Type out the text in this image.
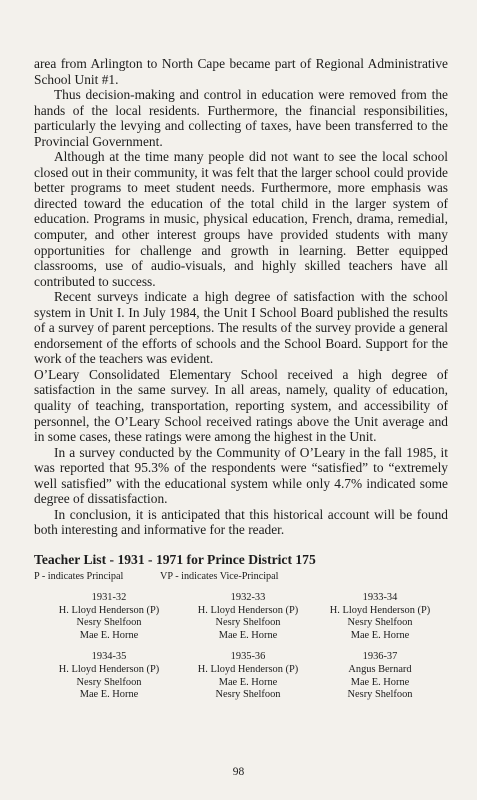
area from Arlington to North Cape became part of Regional Administrative School Unit #1.

Thus decision-making and control in education were removed from the hands of the local residents. Furthermore, the financial responsibilities, particularly the levying and collecting of taxes, have been transferred to the Provincial Government.

Although at the time many people did not want to see the local school closed out in their community, it was felt that the larger school could provide better programs to meet student needs. Furthermore, more emphasis was directed toward the education of the total child in the larger system of education. Programs in music, physical education, French, drama, remedial, computer, and other interest groups have provided students with many opportunities for challenge and growth in learning. Better equipped classrooms, use of audio-visuals, and highly skilled teachers have all contributed to success.

Recent surveys indicate a high degree of satisfaction with the school system in Unit I. In July 1984, the Unit I School Board published the results of a survey of parent perceptions. The results of the survey provide a general endorsement of the efforts of schools and the School Board. Support for the work of the teachers was evident.

O’Leary Consolidated Elementary School received a high degree of satisfaction in the same survey. In all areas, namely, quality of education, quality of teaching, transportation, reporting system, and accessibility of personnel, the O’Leary School received ratings above the Unit average and in some cases, these ratings were among the highest in the Unit.

In a survey conducted by the Community of O’Leary in the fall 1985, it was reported that 95.3% of the respondents were “satisfied” to “extremely well satisfied” with the educational system while only 4.7% indicated some degree of dissatisfaction.

In conclusion, it is anticipated that this historical account will be found both interesting and informative for the reader.

Teacher List - 1931 - 1971 for Prince District 175
P - indicates Principal	VP - indicates Vice-Principal
1931-32
H. Lloyd Henderson (P)
Nesry Shelfoon
Mae E. Horne
1932-33
H. Lloyd Henderson (P)
Nesry Shelfoon
Mae E. Horne
1933-34
H. Lloyd Henderson (P)
Nesry Shelfoon
Mae E. Horne
1934-35
H. Lloyd Henderson (P)
Nesry Shelfoon
Mae E. Horne
1935-36
H. Lloyd Henderson (P)
Mae E. Horne
Nesry Shelfoon
1936-37
Angus Bernard
Mae E. Horne
Nesry Shelfoon
98
